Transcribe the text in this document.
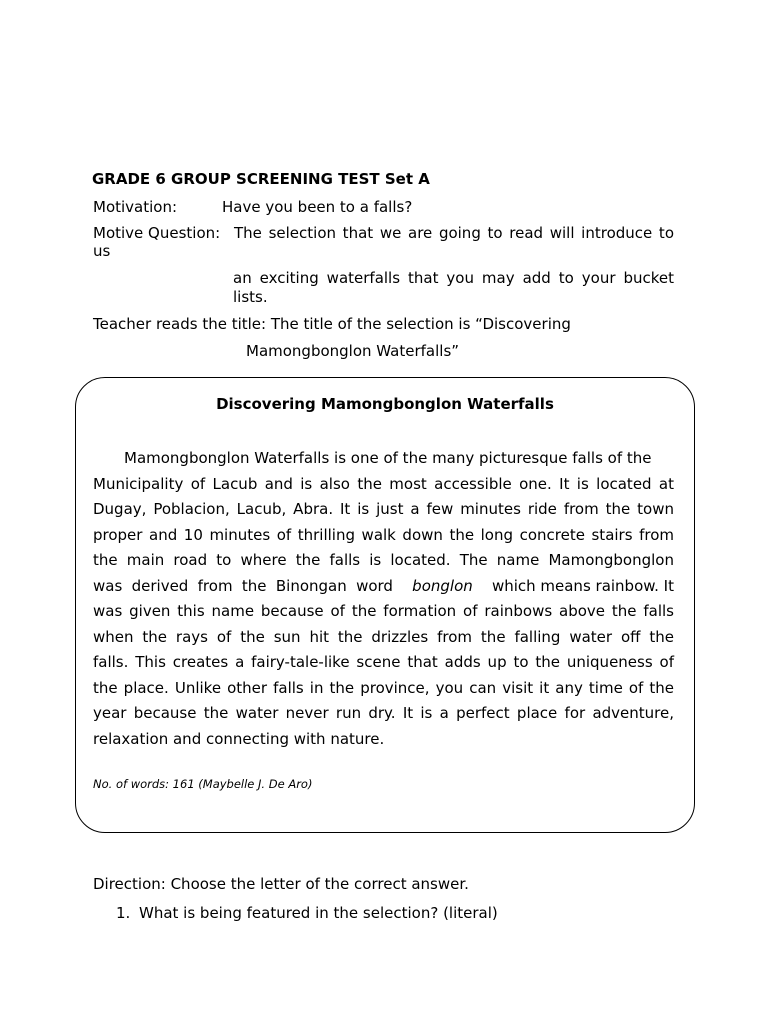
GRADE 6 GROUP SCREENING TEST Set A
Motivation:	Have you been to a falls?
Motive Question: The selection that we are going to read will introduce to
us
an exciting waterfalls that you may add to your bucket
lists.
Teacher reads the title: The title of the selection is “Discovering
Mamongbonglon Waterfalls”
Discovering Mamongbonglon Waterfalls
Mamongbonglon Waterfalls is one of the many picturesque falls of the
Municipality of Lacub and is also the most accessible one. It is located at
Dugay, Poblacion, Lacub, Abra. It is just a few minutes ride from the town
proper and 10 minutes of thrilling walk down the long concrete stairs from
the main road to where the falls is located. The name Mamongbonglon
was derived from the Binongan word bonglon which means rainbow. It
was given this name because of the formation of rainbows above the falls
when the rays of the sun hit the drizzles from the falling water off the
falls. This creates a fairy-tale-like scene that adds up to the uniqueness of
the place. Unlike other falls in the province, you can visit it any time of the
year because the water never run dry. It is a perfect place for adventure,
relaxation and connecting with nature.
No. of words: 161 (Maybelle J. De Aro)
Direction: Choose the letter of the correct answer.
1. What is being featured in the selection? (literal)
